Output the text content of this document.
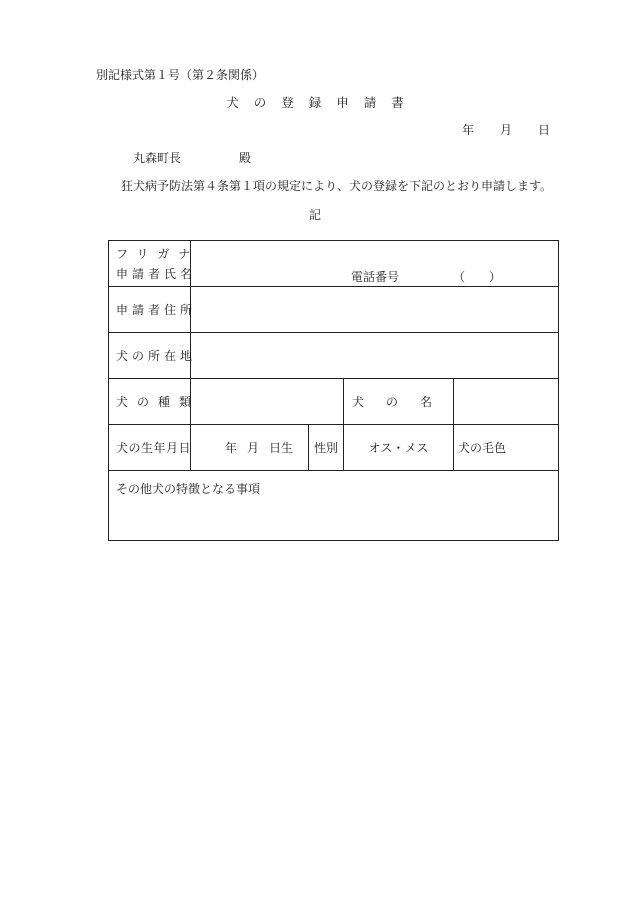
別記様式第１号（第２条関係）
犬の登録申請書
年 月 日
丸森町長	殿
狂犬病予防法第４条第１項の規定により、犬の登録を下記のとおり申請します。
記
フリガナ
申請者氏名	電話番号 （　　）			

申請者住所				
犬の所在地				
犬の種類			犬 の 名	
犬の生年月日	年 月 日生	性別	オス・メス	犬の毛色
その他犬の特徴となる事項				
